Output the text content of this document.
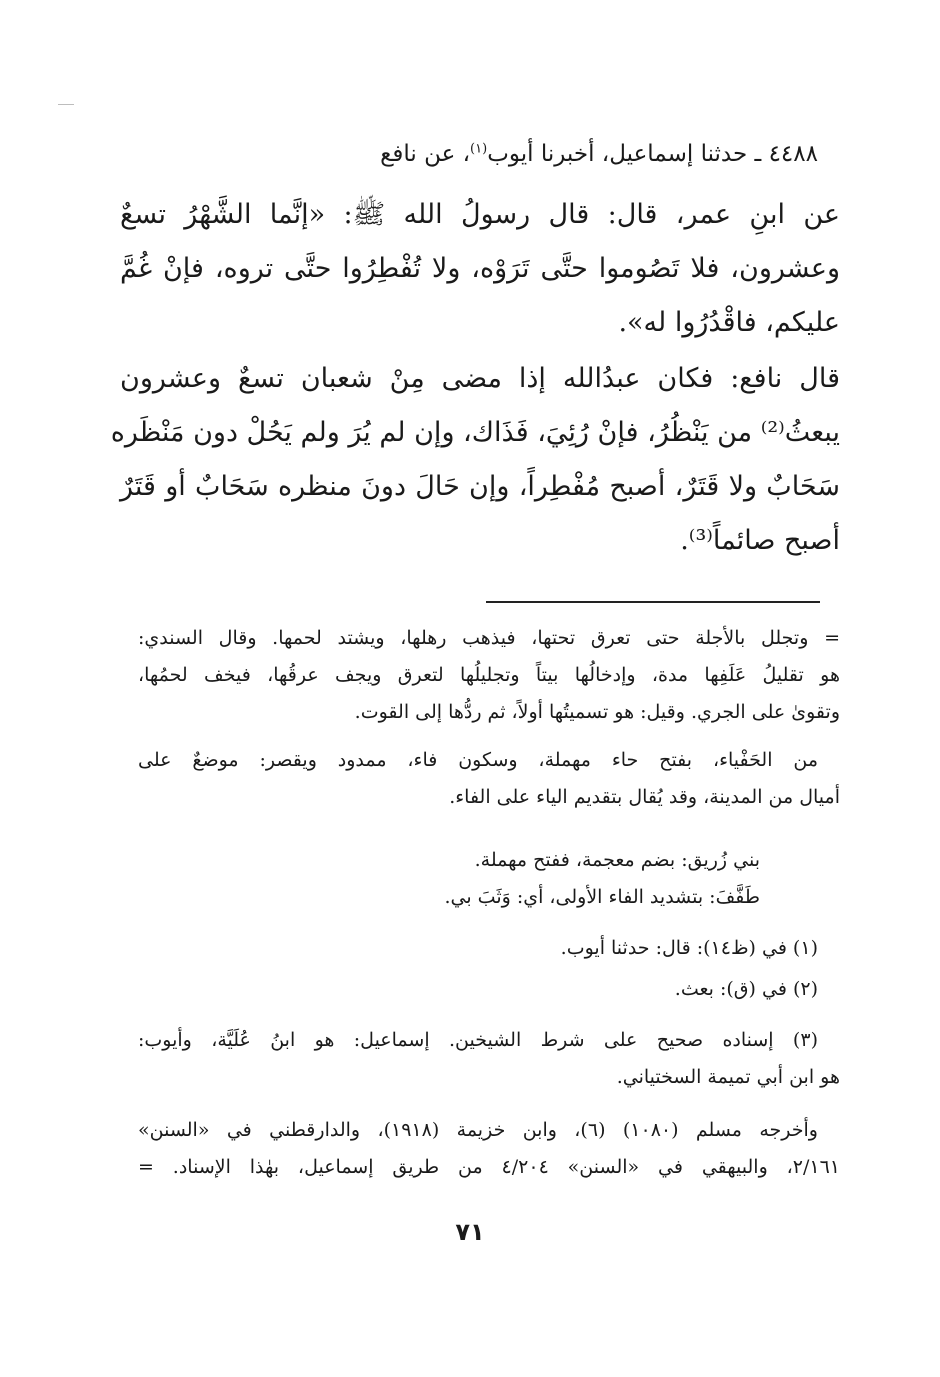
٤٤٨٨ ـ حدثنا إسماعيل، أخبرنا أيوب$^{(١)}$، عن نافع
عن ابنِ عمر، قال: قال رسولُ الله ﷺ: «إنَّما الشَّهْرُ تسعٌ
وعشرون، فلا تَصُوموا حتَّى تَرَوْه، ولا تُفْطِرُوا حتَّى تروه، فإنْ غُمَّ
عليكم، فاقْدُرُوا له».
قال نافع: فكان عبدُالله إذا مضى مِنْ شعبان تسعٌ وعشرون
يبعثُ⁽²⁾ من يَنْظُرُ، فإنْ رُئِيَ، فَذَاك، وإن لم يُرَ ولم يَحُلْ دون مَنْظَره
سَحَابٌ ولا قَتَرٌ، أصبح مُفْطِراً، وإن حَالَ دونَ منظره سَحَابٌ أو قَتَرٌ
أصبح صائماً⁽³⁾.
= وتجلل بالأجلة حتى تعرق تحتها، فيذهب رهلها، ويشتد لحمها. وقال السندي:
هو تقليلُ عَلَفِها مدة، وإدخالُها بيتاً وتجليلُها لتعرق ويجف عرقُها، فيخف لحمُها،
وتقوىٰ على الجري. وقيل: هو تسميتُها أولاً، ثم ردُّها إلى القوت.
من الحَفْياء، بفتح حاء مهملة، وسكون فاء، ممدود ويقصر: موضعٌ على
أميال من المدينة، وقد يُقال بتقديم الياء على الفاء.
بني زُريق: بضم معجمة، ففتح مهملة.
طَفَّفَ: بتشديد الفاء الأولى، أي: وَثَبَ بي.
(١) في (ظ١٤): قال: حدثنا أيوب.
(٢) في (ق): بعث.
(٣) إسناده صحيح على شرط الشيخين. إسماعيل: هو ابنُ عُلَيَّة، وأيوب:
هو ابن أبي تميمة السختياني.
وأخرجه مسلم (١٠٨٠) (٦)، وابن خزيمة (١٩١٨)، والدارقطني في «السنن»
٢/١٦١، والبيهقي في «السنن» ٤/٢٠٤ من طريق إسماعيل، بهٰذا الإسناد. =
٧١
